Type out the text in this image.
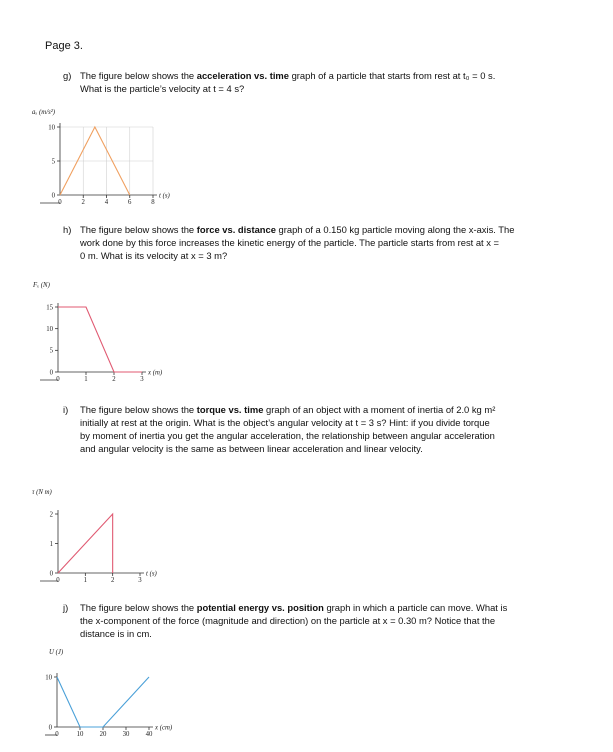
Page 3.
g) The figure below shows the acceleration vs. time graph of a particle that starts from rest at t₀ = 0 s.
What is the particle’s velocity at t = 4 s?
h) The figure below shows the force vs. distance graph of a 0.150 kg particle moving along the x-axis. The
work done by this force increases the kinetic energy of the particle. The particle starts from rest at x =
0 m. What is its velocity at x = 3 m?
i) The figure below shows the torque vs. time graph of an object with a moment of inertia of 2.0 kg m²
initially at rest at the origin. What is the object’s angular velocity at t = 3 s? Hint: if you divide torque
by moment of inertia you get the angular acceleration, the relationship between angular acceleration
and angular velocity is the same as between linear acceleration and linear velocity.
j) The figure below shows the potential energy vs. position graph in which a particle can move. What is
the x-component of the force (magnitude and direction) on the particle at x = 0.30 m? Notice that the
distance is in cm.
10
5
0
0	2	4	6	8
aₓ (m/s²)
t (s)
15
10
5
0
0	1	2	3
Fₓ (N)
x (m)
2
1
0
0	1	2	3
τ (N m)
t (s)
10
0
0	10 20 30 40
U (J)
x (cm)
